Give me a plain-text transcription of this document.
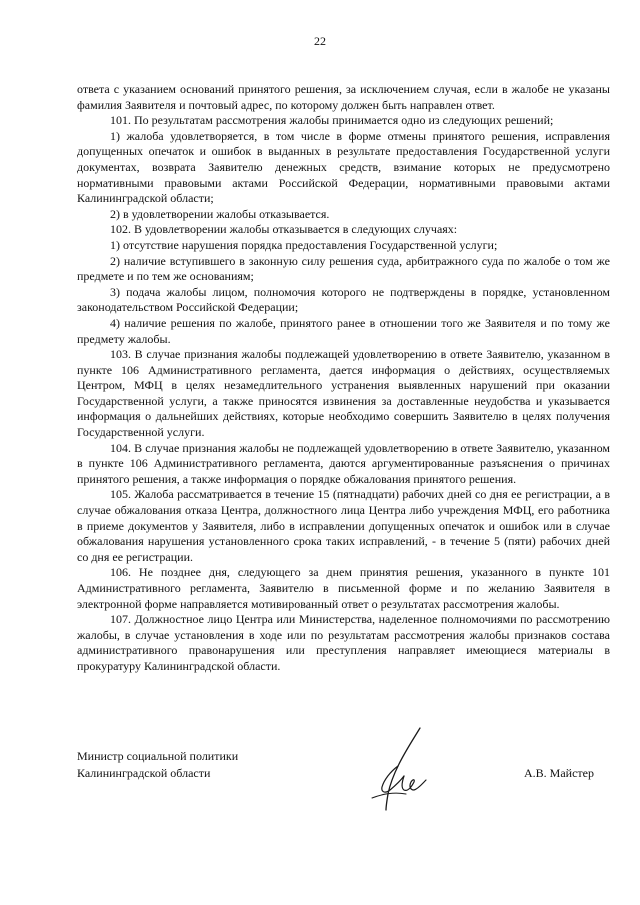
22

ответа с указанием оснований принятого решения, за исключением случая, если в жалобе не указаны фамилия Заявителя и почтовый адрес, по которому должен быть направлен ответ.

101. По результатам рассмотрения жалобы принимается одно из следующих решений;

1) жалоба удовлетворяется, в том числе в форме отмены принятого решения, исправления допущенных опечаток и ошибок в выданных в результате предоставления Государственной услуги документах, возврата Заявителю денежных средств, взимание которых не предусмотрено нормативными правовыми актами Российской Федерации, нормативными правовыми актами Калининградской области;

2) в удовлетворении жалобы отказывается.

102. В удовлетворении жалобы отказывается в следующих случаях:

1) отсутствие нарушения порядка предоставления Государственной услуги;

2) наличие вступившего в законную силу решения суда, арбитражного суда по жалобе о том же предмете и по тем же основаниям;

3) подача жалобы лицом, полномочия которого не подтверждены в порядке, установленном законодательством Российской Федерации;

4) наличие решения по жалобе, принятого ранее в отношении того же Заявителя и по тому же предмету жалобы.

103. В случае признания жалобы подлежащей удовлетворению в ответе Заявителю, указанном в пункте 106 Административного регламента, дается информация о действиях, осуществляемых Центром, МФЦ в целях незамедлительного устранения выявленных нарушений при оказании Государственной услуги, а также приносятся извинения за доставленные неудобства и указывается информация о дальнейших действиях, которые необходимо совершить Заявителю в целях получения Государственной услуги.

104. В случае признания жалобы не подлежащей удовлетворению в ответе Заявителю, указанном в пункте 106 Административного регламента, даются аргументированные разъяснения о причинах принятого решения, а также информация о порядке обжалования принятого решения.

105. Жалоба рассматривается в течение 15 (пятнадцати) рабочих дней со дня ее регистрации, а в случае обжалования отказа Центра, должностного лица Центра либо учреждения МФЦ, его работника в приеме документов у Заявителя, либо в исправлении допущенных опечаток и ошибок или в случае обжалования нарушения установленного срока таких исправлений, - в течение 5 (пяти) рабочих дней со дня ее регистрации.

106. Не позднее дня, следующего за днем принятия решения, указанного в пункте 101 Административного регламента, Заявителю в письменной форме и по желанию Заявителя в электронной форме направляется мотивированный ответ о результатах рассмотрения жалобы.

107. Должностное лицо Центра или Министерства, наделенное полномочиями по рассмотрению жалобы, в случае установления в ходе или по результатам рассмотрения жалобы признаков состава административного правонарушения или преступления направляет имеющиеся материалы в прокуратуру Калининградской области.

Министр социальной политики
Калининградской области	А.В. Майстер
